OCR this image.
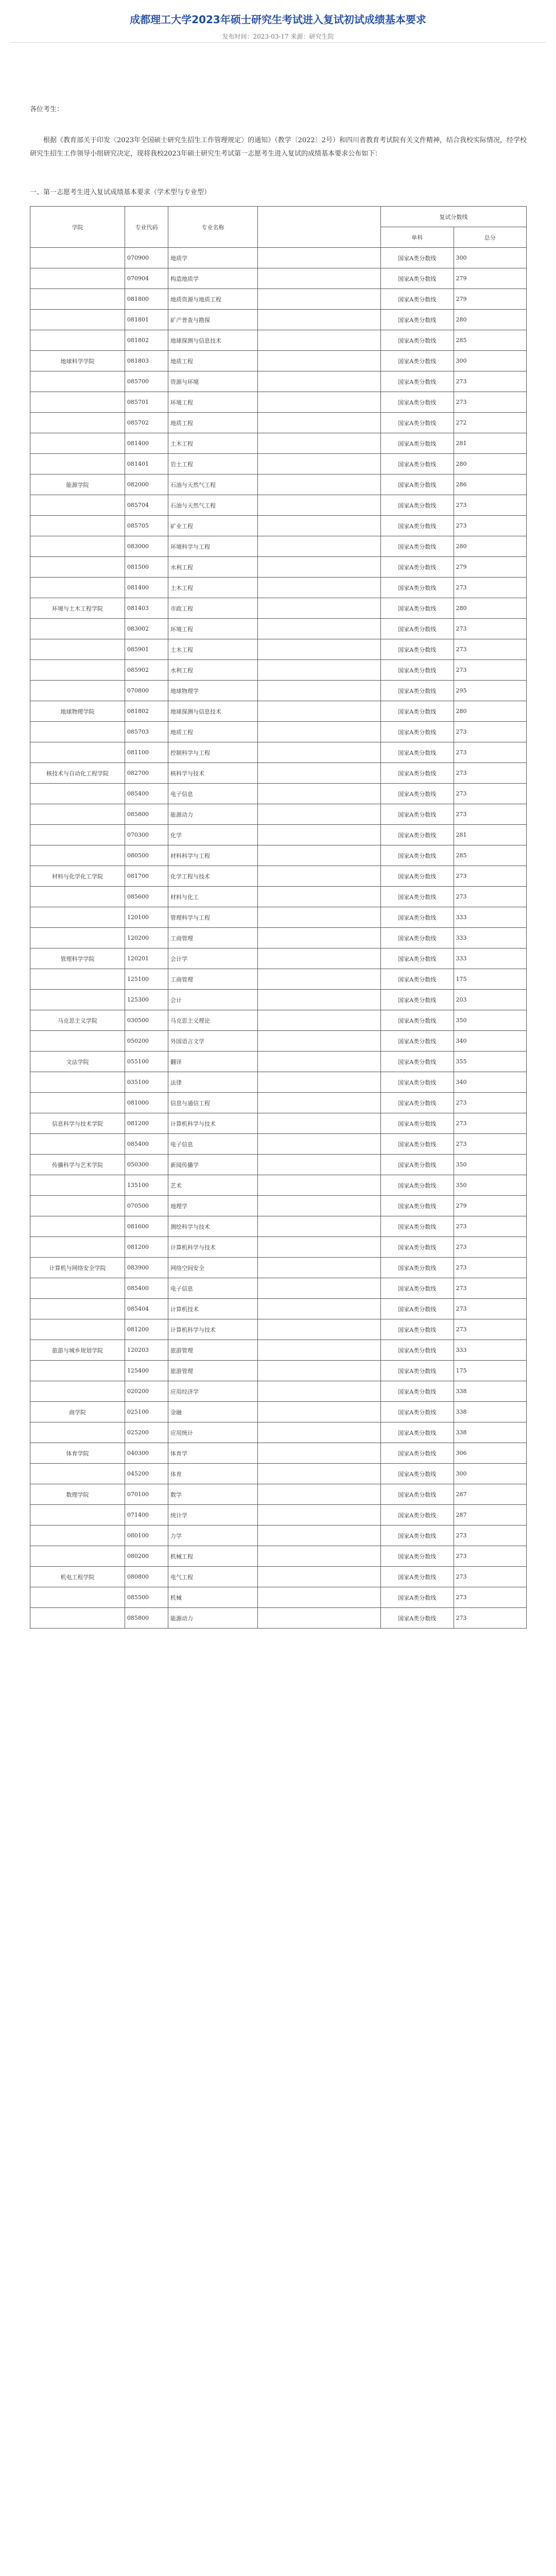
成都理工大学2023年硕士研究生考试进入复试初试成绩基本要求
发布时间：2023-03-17 来源：研究生院
各位考生：
根据《教育部关于印发〈2023年全国硕士研究生招生工作管理规定〉的通知》（教学〔2022〕2号）和四川省教育考试院有关文件精神，结合我校实际情况，经学校研究生招生工作领导小组研究决定，现将我校2023年硕士研究生考试第一志愿考生进入复试的成绩基本要求公布如下：
一、第一志愿考生进入复试成绩基本要求（学术型与专业型）
学院	专业代码	专业名称		复试分数线	
				单科	总分
	070900	地质学		国家A类分数线	300
	070904	构造地质学		国家A类分数线	279
	081800	地质资源与地质工程		国家A类分数线	279
	081801	矿产普查与勘探		国家A类分数线	280
	081802	地球探测与信息技术		国家A类分数线	285
地球科学学院	081803	地质工程		国家A类分数线	300
	085700	资源与环境		国家A类分数线	273
	085701	环境工程		国家A类分数线	273
	085702	地质工程		国家A类分数线	272
	081400	土木工程		国家A类分数线	281
	081401	岩土工程		国家A类分数线	280
能源学院	082000	石油与天然气工程		国家A类分数线	286
	085704	石油与天然气工程		国家A类分数线	273
	085705	矿业工程		国家A类分数线	273
	083000	环境科学与工程		国家A类分数线	280
	081500	水利工程		国家A类分数线	279
	081400	土木工程		国家A类分数线	273
环境与土木工程学院	081403	市政工程		国家A类分数线	280
	083002	环境工程		国家A类分数线	273
	085901	土木工程		国家A类分数线	273
	085902	水利工程		国家A类分数线	273
	070800	地球物理学		国家A类分数线	295
地球物理学院	081802	地球探测与信息技术		国家A类分数线	280
	085703	地质工程		国家A类分数线	273
	081100	控制科学与工程		国家A类分数线	273
核技术与自动化工程学院	082700	核科学与技术		国家A类分数线	273
	085400	电子信息		国家A类分数线	273
	085800	能源动力		国家A类分数线	273
	070300	化学		国家A类分数线	281
	080500	材料科学与工程		国家A类分数线	285
材料与化学化工学院	081700	化学工程与技术		国家A类分数线	273
	085600	材料与化工		国家A类分数线	273
	120100	管理科学与工程		国家A类分数线	333
	120200	工商管理		国家A类分数线	333
管理科学学院	120201	会计学		国家A类分数线	333
	125100	工商管理		国家A类分数线	175
	125300	会计		国家A类分数线	203
马克思主义学院	030500	马克思主义理论		国家A类分数线	350
	050200	外国语言文学		国家A类分数线	340
文法学院	055100	翻译		国家A类分数线	355
	035100	法律		国家A类分数线	340
	081000	信息与通信工程		国家A类分数线	273
信息科学与技术学院	081200	计算机科学与技术		国家A类分数线	273
	085400	电子信息		国家A类分数线	273
传播科学与艺术学院	050300	新闻传播学		国家A类分数线	350
	135100	艺术		国家A类分数线	350
	070500	地理学		国家A类分数线	279
	081600	测绘科学与技术		国家A类分数线	273
	081200	计算机科学与技术		国家A类分数线	273
计算机与网络安全学院	083900	网络空间安全		国家A类分数线	273
	085400	电子信息		国家A类分数线	273
	085404	计算机技术		国家A类分数线	273
	081200	计算机科学与技术		国家A类分数线	273
旅游与城乡规划学院	120203	旅游管理		国家A类分数线	333
	125400	旅游管理		国家A类分数线	175
	020200	应用经济学		国家A类分数线	338
商学院	025100	金融		国家A类分数线	338
	025200	应用统计		国家A类分数线	338
体育学院	040300	体育学		国家A类分数线	306
	045200	体育		国家A类分数线	300
数理学院	070100	数学		国家A类分数线	287
	071400	统计学		国家A类分数线	287
	080100	力学		国家A类分数线	273
	080200	机械工程		国家A类分数线	273
机电工程学院	080800	电气工程		国家A类分数线	273
	085500	机械		国家A类分数线	273
	085800	能源动力		国家A类分数线	273
